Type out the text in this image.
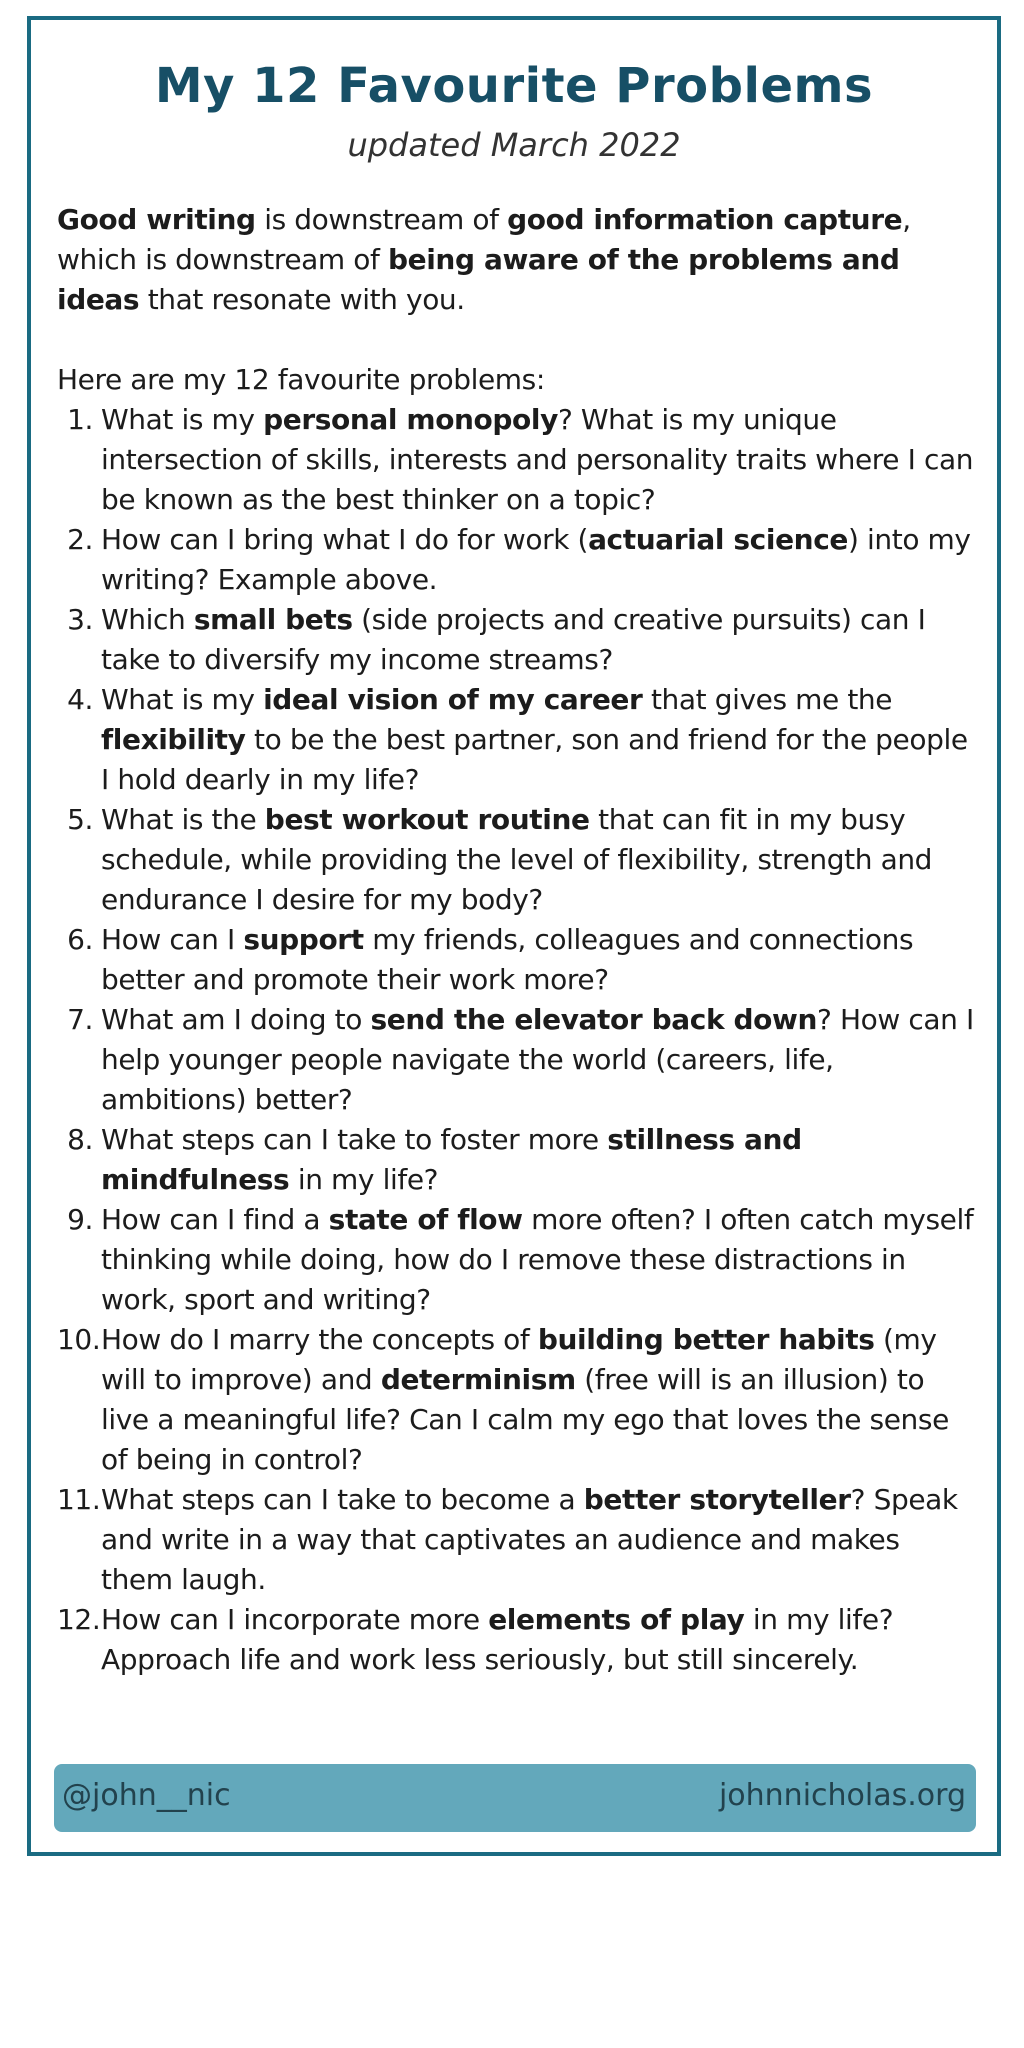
My 12 Favourite Problems

updated March 2022

Good writing is downstream of good information capture, which is downstream of being aware of the problems and ideas that resonate with you.

Here are my 12 favourite problems:

1. What is my personal monopoly? What is my unique intersection of skills, interests and personality traits where I can be known as the best thinker on a topic?
2. How can I bring what I do for work (actuarial science) into my writing? Example above.
3. Which small bets (side projects and creative pursuits) can I take to diversify my income streams?
4. What is my ideal vision of my career that gives me the flexibility to be the best partner, son and friend for the people I hold dearly in my life?
5. What is the best workout routine that can fit in my busy schedule, while providing the level of flexibility, strength and endurance I desire for my body?
6. How can I support my friends, colleagues and connections better and promote their work more?
7. What am I doing to send the elevator back down? How can I help younger people navigate the world (careers, life, ambitions) better?
8. What steps can I take to foster more stillness and mindfulness in my life?
9. How can I find a state of flow more often? I often catch myself thinking while doing, how do I remove these distractions in work, sport and writing?
10. How do I marry the concepts of building better habits (my will to improve) and determinism (free will is an illusion) to live a meaningful life? Can I calm my ego that loves the sense of being in control?
11. What steps can I take to become a better storyteller? Speak and write in a way that captivates an audience and makes them laugh.
12. How can I incorporate more elements of play in my life? Approach life and work less seriously, but still sincerely.
@john__nic	johnnicholas.org
